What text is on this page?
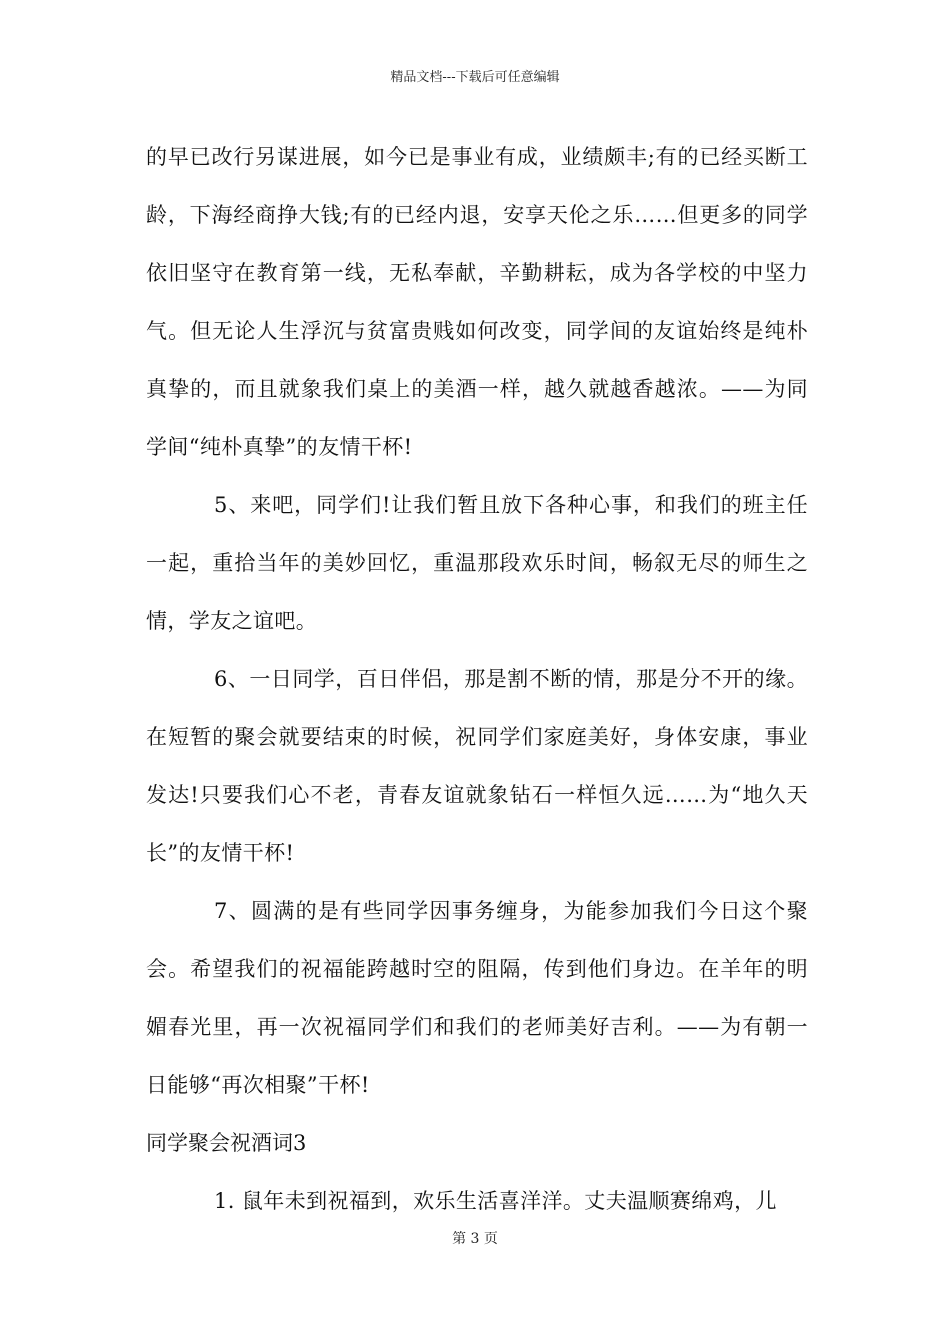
精品文档---下载后可任意编辑

的早已改行另谋进展，如今已是事业有成，业绩颇丰;有的已经买断工龄，下海经商挣大钱;有的已经内退，安享天伦之乐……但更多的同学依旧坚守在教育第一线，无私奉献，辛勤耕耘，成为各学校的中坚力气。但无论人生浮沉与贫富贵贱如何改变，同学间的友谊始终是纯朴真挚的，而且就象我们桌上的美酒一样，越久就越香越浓。——为同学间“纯朴真挚”的友情干杯!

5、来吧，同学们!让我们暂且放下各种心事，和我们的班主任一起，重拾当年的美妙回忆，重温那段欢乐时间，畅叙无尽的师生之情，学友之谊吧。

6、一日同学，百日伴侣，那是割不断的情，那是分不开的缘。在短暂的聚会就要结束的时候，祝同学们家庭美好，身体安康，事业发达!只要我们心不老，青春友谊就象钻石一样恒久远……为“地久天长”的友情干杯!

7、圆满的是有些同学因事务缠身，为能参加我们今日这个聚会。希望我们的祝福能跨越时空的阻隔，传到他们身边。在羊年的明媚春光里，再一次祝福同学们和我们的老师美好吉利。——为有朝一日能够“再次相聚”干杯!

同学聚会祝酒词3

1. 鼠年未到祝福到，欢乐生活喜洋洋。丈夫温顺赛绵鸡，儿

第 3 页
